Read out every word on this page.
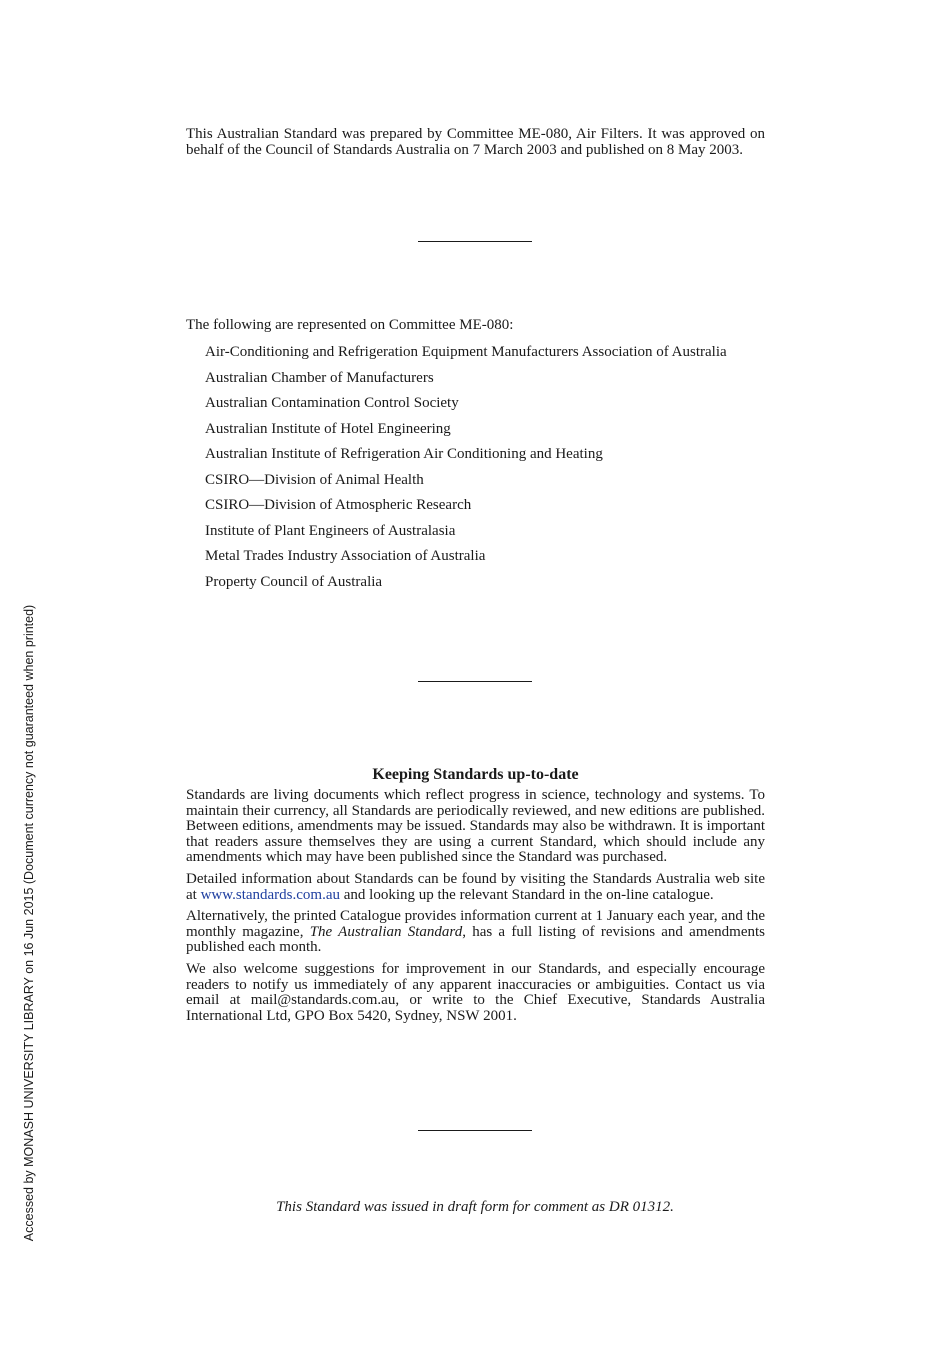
This Australian Standard was prepared by Committee ME-080, Air Filters. It was approved on behalf of the Council of Standards Australia on 7 March 2003 and published on 8 May 2003.

The following are represented on Committee ME-080:

Air-Conditioning and Refrigeration Equipment Manufacturers Association of Australia
Australian Chamber of Manufacturers
Australian Contamination Control Society
Australian Institute of Hotel Engineering
Australian Institute of Refrigeration Air Conditioning and Heating
CSIRO—Division of Animal Health
CSIRO—Division of Atmospheric Research
Institute of Plant Engineers of Australasia
Metal Trades Industry Association of Australia
Property Council of Australia
Keeping Standards up-to-date

Standards are living documents which reflect progress in science, technology and systems. To maintain their currency, all Standards are periodically reviewed, and new editions are published. Between editions, amendments may be issued. Standards may also be withdrawn. It is important that readers assure themselves they are using a current Standard, which should include any amendments which may have been published since the Standard was purchased.

Detailed information about Standards can be found by visiting the Standards Australia web site at www.standards.com.au and looking up the relevant Standard in the on-line catalogue.

Alternatively, the printed Catalogue provides information current at 1 January each year, and the monthly magazine, The Australian Standard, has a full listing of revisions and amendments published each month.

We also welcome suggestions for improvement in our Standards, and especially encourage readers to notify us immediately of any apparent inaccuracies or ambiguities. Contact us via email at mail@standards.com.au, or write to the Chief Executive, Standards Australia International Ltd, GPO Box 5420, Sydney, NSW 2001.

This Standard was issued in draft form for comment as DR 01312.
Accessed by MONASH UNIVERSITY LIBRARY on 16 Jun 2015 (Document currency not guaranteed when printed)
